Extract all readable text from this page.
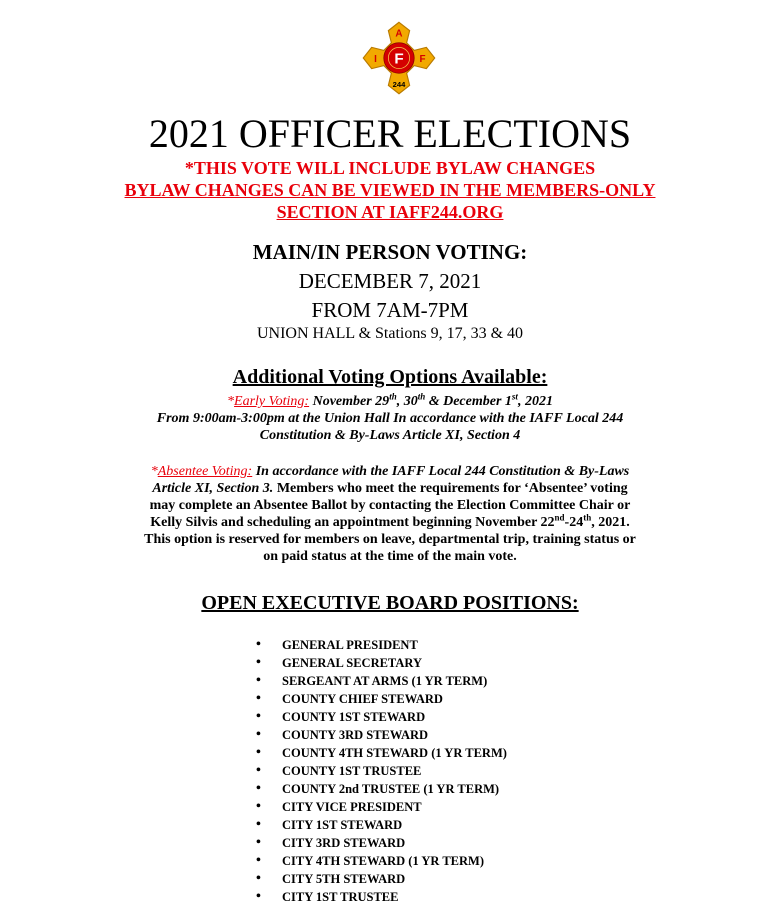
A
I F F
244
2021 OFFICER ELECTIONS
*THIS VOTE WILL INCLUDE BYLAW CHANGES
BYLAW CHANGES CAN BE VIEWED IN THE MEMBERS-ONLY
SECTION AT IAFF244.ORG
MAIN/IN PERSON VOTING:
DECEMBER 7, 2021
FROM 7AM-7PM
UNION HALL & Stations 9, 17, 33 & 40
Additional Voting Options Available:
*Early Voting: November 29th, 30th & December 1st, 2021
From 9:00am-3:00pm at the Union Hall In accordance with the IAFF Local 244
Constitution & By-Laws Article XI, Section 4
*Absentee Voting: In accordance with the IAFF Local 244 Constitution & By-Laws
Article XI, Section 3. Members who meet the requirements for ‘Absentee’ voting
may complete an Absentee Ballot by contacting the Election Committee Chair or
Kelly Silvis and scheduling an appointment beginning November 22nd-24th, 2021.
This option is reserved for members on leave, departmental trip, training status or
on paid status at the time of the main vote.
OPEN EXECUTIVE BOARD POSITIONS:
• GENERAL PRESIDENT
• GENERAL SECRETARY
• SERGEANT AT ARMS (1 YR TERM)
• COUNTY CHIEF STEWARD
• COUNTY 1ST STEWARD
• COUNTY 3RD STEWARD
• COUNTY 4TH STEWARD (1 YR TERM)
• COUNTY 1ST TRUSTEE
• COUNTY 2nd TRUSTEE (1 YR TERM)
• CITY VICE PRESIDENT
• CITY 1ST STEWARD
• CITY 3RD STEWARD
• CITY 4TH STEWARD (1 YR TERM)
• CITY 5TH STEWARD
• CITY 1ST TRUSTEE
